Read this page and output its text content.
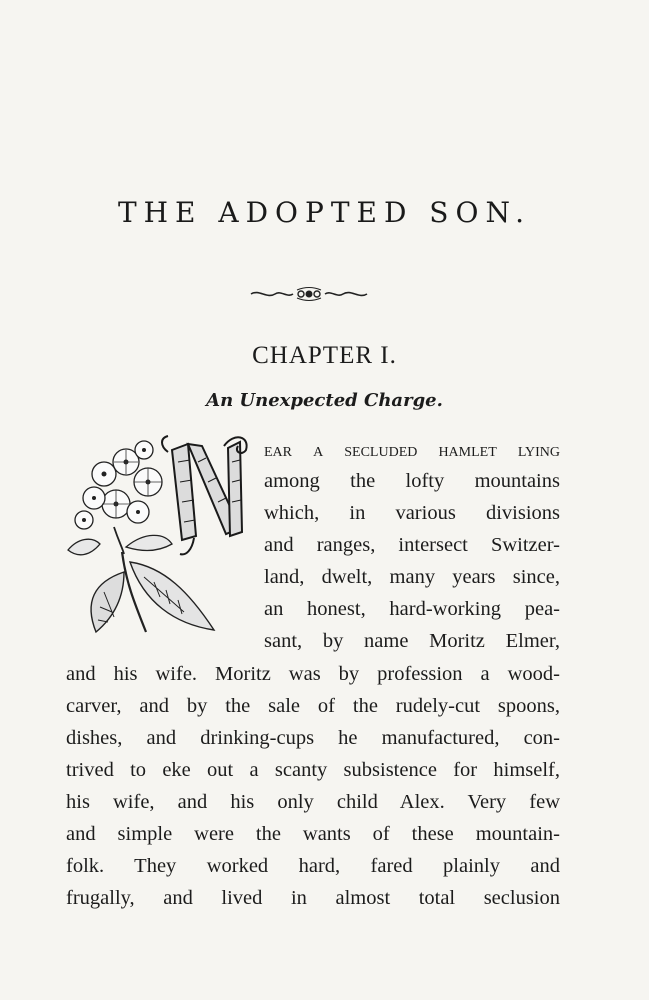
THE ADOPTED SON.
CHAPTER I.
An Unexpected Charge.
ear a secluded hamlet lying
among the lofty mountains
which, in various divisions
and ranges, intersect Switzer-
land, dwelt, many years since,
an honest, hard-working pea-
sant, by name Moritz Elmer,
and his wife. Moritz was by profession a wood-
carver, and by the sale of the rudely-cut spoons,
dishes, and drinking-cups he manufactured, con-
trived to eke out a scanty subsistence for himself,
his wife, and his only child Alex. Very few
and simple were the wants of these mountain-
folk. They worked hard, fared plainly and
frugally, and lived in almost total seclusion
